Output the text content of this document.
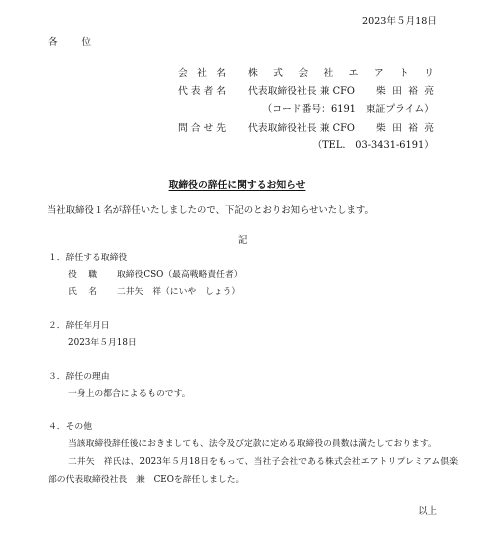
2023年５月18日
各位
会社名 株式会社エアトリ
代表者名 代表取締役社長 兼 CFO 柴田裕亮
（コード番号：6191　東証プライム）
問合せ先 代表取締役社長 兼 CFO 柴田裕亮
（TEL.　03-3431-6191）
取締役の辞任に関するお知らせ
当社取締役１名が辞任いたしましたので、下記のとおりお知らせいたします。
記
１．辞任する取締役
役職 取締役CSO（最高戦略責任者）
氏名 二井矢　祥（にいや　しょう）
２．辞任年月日
2023年５月18日
３．辞任の理由
一身上の都合によるものです。
４．その他
当該取締役辞任後におきましても、法令及び定款に定める取締役の員数は満たしております。
二井矢　祥氏は、2023年５月18日をもって、当社子会社である株式会社エアトリプレミアム倶楽
部の代表取締役社長　兼　CEOを辞任しました。
以上
